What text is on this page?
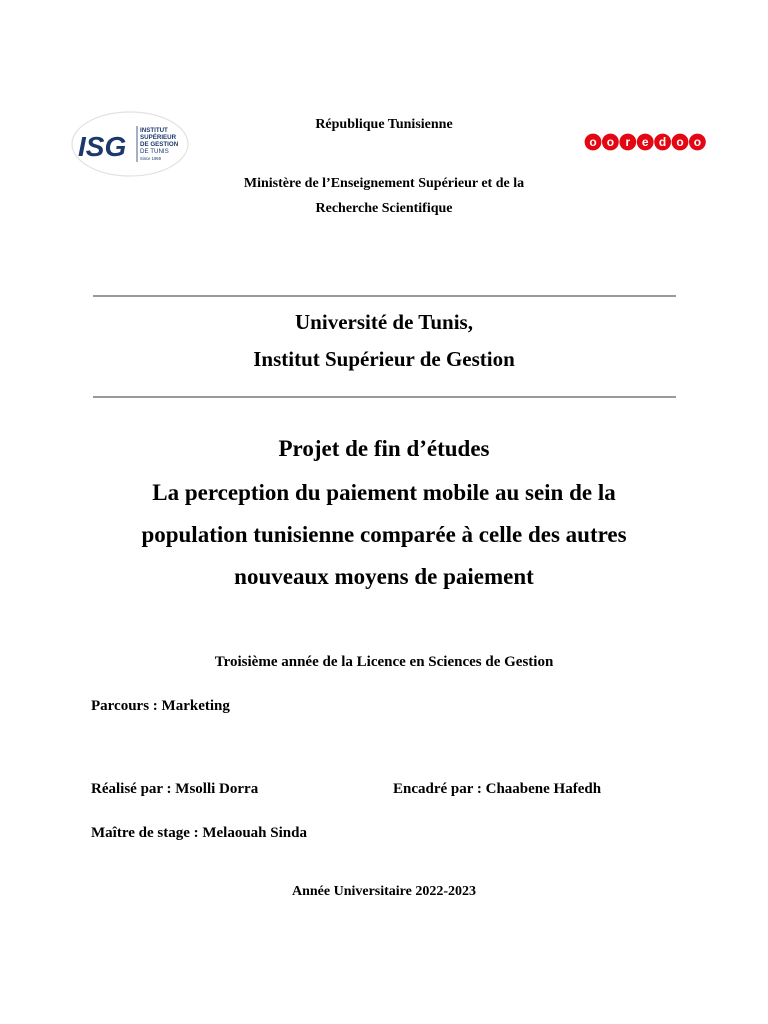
ISG
INSTITUT
SUPÉRIEUR
DE GESTION
DE TUNIS
Since 1969
o o r e d o o
République Tunisienne
Ministère de l’Enseignement Supérieur et de la
Recherche Scientifique
Université de Tunis,
Institut Supérieur de Gestion
Projet de fin d’études
La perception du paiement mobile au sein de la
population tunisienne comparée à celle des autres
nouveaux moyens de paiement
Troisième année de la Licence en Sciences de Gestion
Parcours : Marketing
Réalisé par : Msolli Dorra	Encadré par : Chaabene Hafedh
Maître de stage : Melaouah Sinda
Année Universitaire 2022-2023
